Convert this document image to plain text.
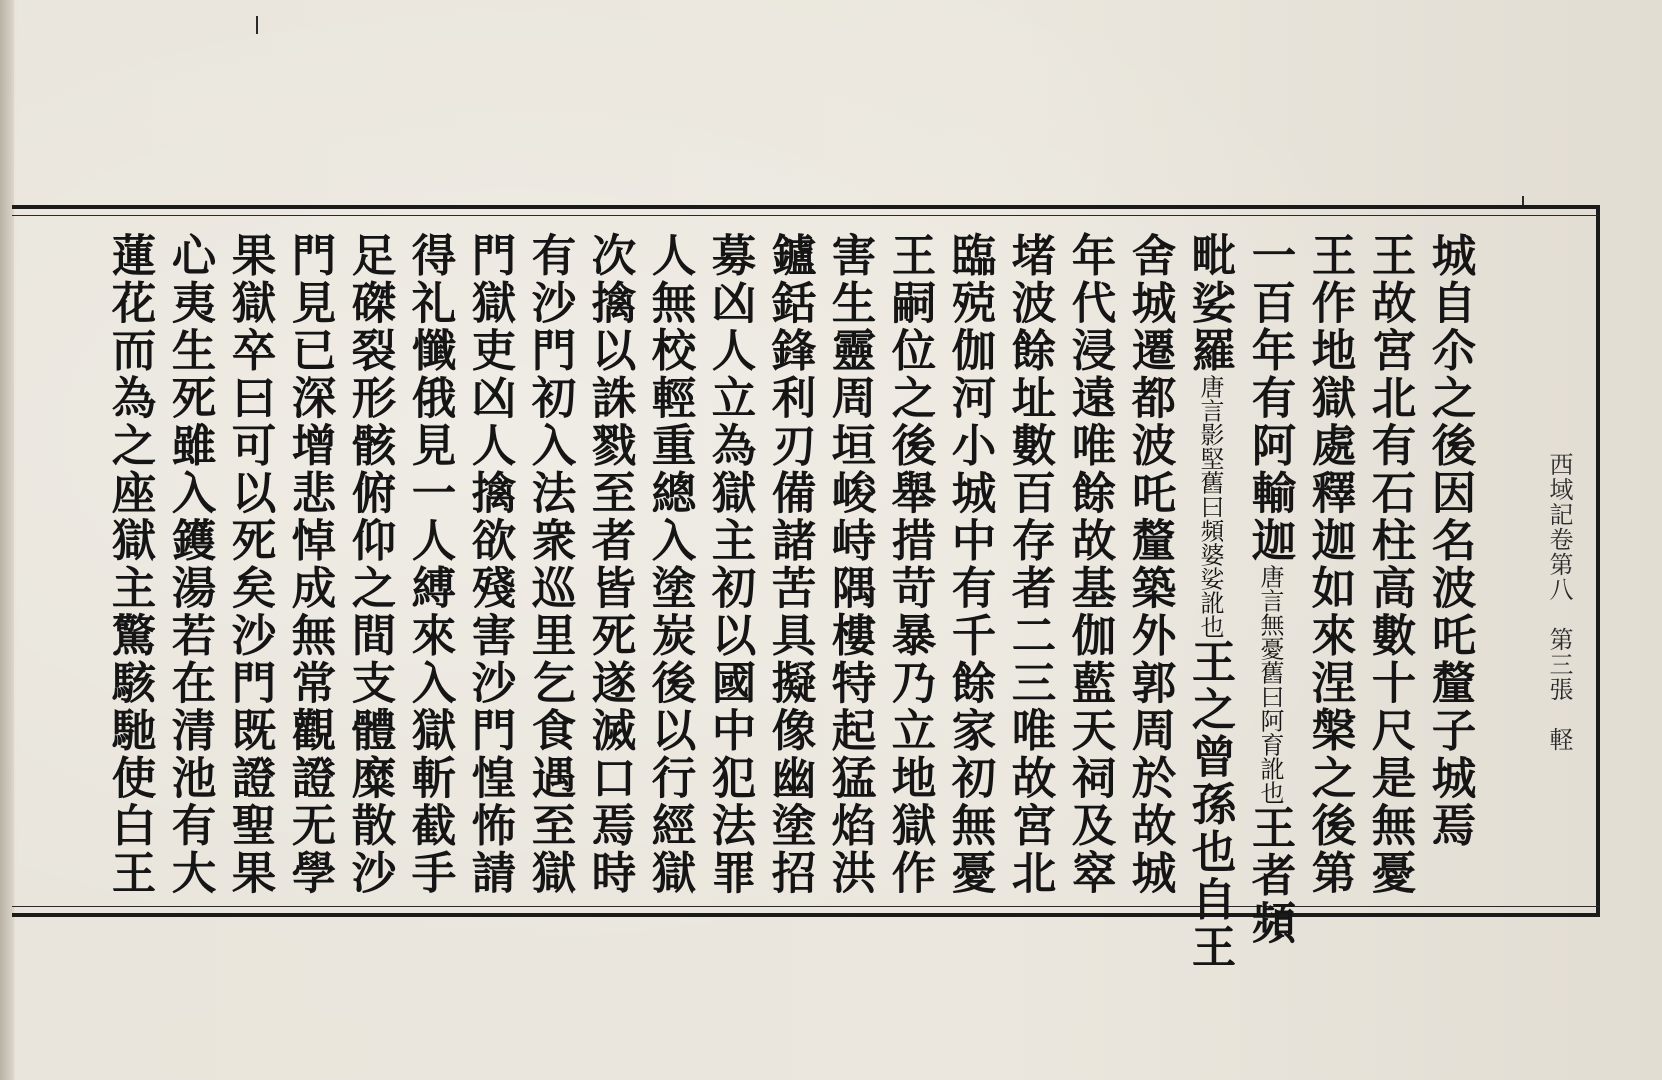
城自尒之後因名波吒釐子城焉
王故宮北有石柱高數十尺是無憂
王作地獄處釋迦如來涅槃之後第
一百年有阿輸迦唐言無憂舊曰阿育訛也王者頻
毗娑羅唐言影堅舊曰頻婆娑訛也王之曾孫也自王
舍城遷都波吒釐築外郭周於故城
年代浸遠唯餘故基伽藍天祠及窣
堵波餘址數百存者二三唯故宮北
臨殑伽河小城中有千餘家初無憂
王嗣位之後舉措苛暴乃立地獄作
害生靈周垣峻峙隅樓特起猛焰洪
鑪銛鋒利刃備諸苦具擬像幽塗招
募凶人立為獄主初以國中犯法罪
人無校輕重總入塗炭後以行經獄
次擒以誅戮至者皆死遂滅口焉時
有沙門初入法衆巡里乞食遇至獄
門獄吏凶人擒欲殘害沙門惶怖請
得礼懺俄見一人縛來入獄斬截手
足磔裂形骸俯仰之間支體糜散沙
門見已深增悲悼成無常觀證无學
果獄卒曰可以死矣沙門既證聖果
心夷生死雖入鑊湯若在清池有大
蓮花而為之座獄主驚駭馳使白王	西域記卷第八　第三張　軽
